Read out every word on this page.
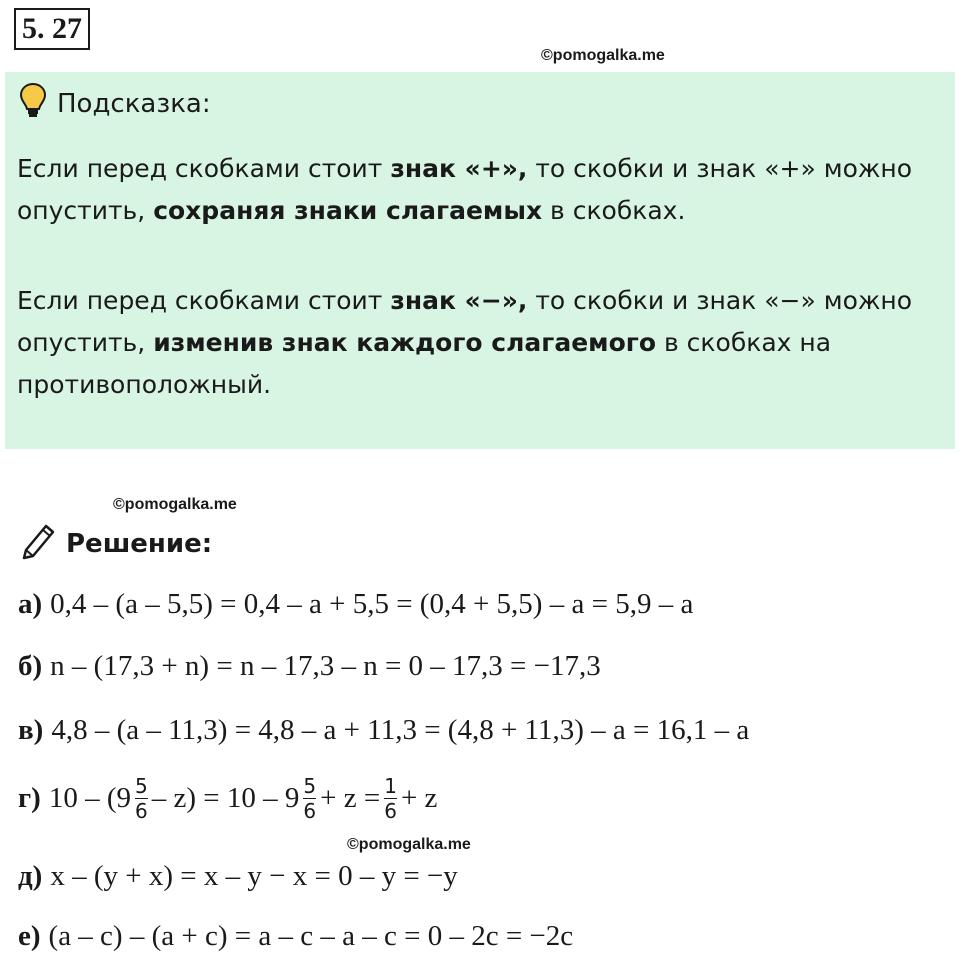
5. 27
©pomogalka.me
Подсказка:
Если перед скобками стоит знак «+», то скобки и знак «+» можно опустить, сохраняя знаки слагаемых в скобках.
Если перед скобками стоит знак «−», то скобки и знак «−» можно опустить, изменив знак каждого слагаемого в скобках на противоположный.
©pomogalka.me
Решение:
а) 0,4 – (a – 5,5) = 0,4 – a + 5,5 = (0,4 + 5,5) – a = 5,9 – a
б) n – (17,3 + n) = n – 17,3 – n = 0 – 17,3 = −17,3
в) 4,8 – (a – 11,3) = 4,8 – a + 11,3 = (4,8 + 11,3) – a = 16,1 – a
г) $10 - (9 \frac{5}{6} - z) = 10 - 9 \frac{5}{6} + z = \frac{1}{6} + z$
©pomogalka.me
д) x – (y + x) = x – y − x = 0 – y = −y
е) (a – c) – (a + c) = a – c – a – c = 0 – 2c = −2c
